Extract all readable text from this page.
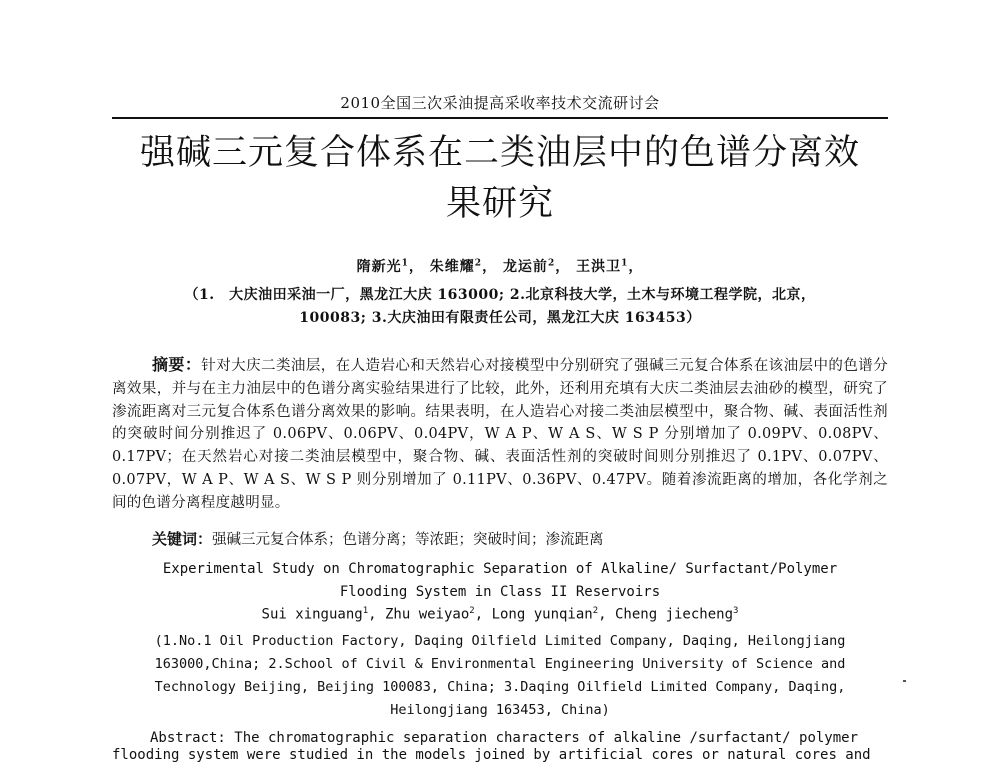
2010全国三次采油提高采收率技术交流研讨会
强碱三元复合体系在二类油层中的色谱分离效
果研究
隋新光$^1$， 朱维耀$^2$， 龙运前$^2$， 王洪卫$^1$，
（1.　大庆油田采油一厂，黑龙江大庆 163000; 2.北京科技大学，土木与环境工程学院，北京，
100083; 3.大庆油田有限责任公司，黑龙江大庆 163453）
摘要：针对大庆二类油层，在人造岩心和天然岩心对接模型中分别研究了强碱三元复合体系在该油层中的色谱分离效果，并与在主力油层中的色谱分离实验结果进行了比较，此外，还利用充填有大庆二类油层去油砂的模型，研究了渗流距离对三元复合体系色谱分离效果的影响。结果表明，在人造岩心对接二类油层模型中，聚合物、碱、表面活性剂的突破时间分别推迟了 0.06PV、0.06PV、0.04PV，W A P、W A S、W S P 分别增加了 0.09PV、0.08PV、0.17PV；在天然岩心对接二类油层模型中，聚合物、碱、表面活性剂的突破时间则分别推迟了 0.1PV、0.07PV、0.07PV，W A P、W A S、W S P 则分别增加了 0.11PV、0.36PV、0.47PV。随着渗流距离的增加，各化学剂之间的色谱分离程度越明显。
关键词：强碱三元复合体系；色谱分离；等浓距；突破时间；渗流距离
Experimental Study on Chromatographic Separation of Alkaline/ Surfactant/Polymer
Flooding System in Class II Reservoirs
Sui xinguang$^1$, Zhu weiyao$^2$, Long yunqian$^2$, Cheng jiecheng$^3$
(1.No.1 Oil Production Factory, Daqing Oilfield Limited Company, Daqing, Heilongjiang
163000,China; 2.School of Civil & Environmental Engineering University of Science and
Technology Beijing, Beijing 100083, China; 3.Daqing Oilfield Limited Company, Daqing,
Heilongjiang 163453, China)
Abstract: The chromatographic separation characters of alkaline /surfactant/ polymer
flooding system were studied in the models joined by artificial cores or natural cores and
